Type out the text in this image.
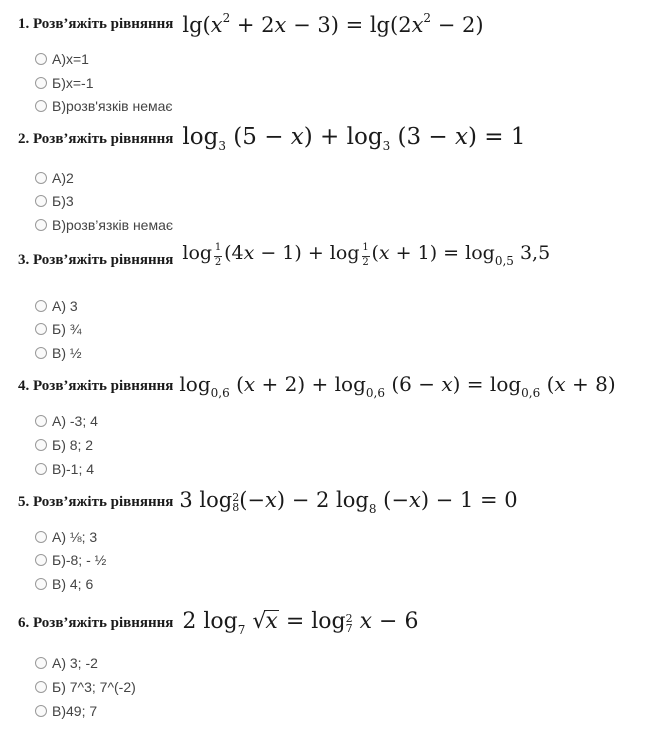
1. Розв’яжіть рівняння $\lg(x^2 + 2x - 3) = \lg(2x^2 - 2)$
А)х=1
Б)х=-1
В)розв'язків немає
2. Розв’яжіть рівняння $\log_3 (5 - x) + \log_3 (3 - x) = 1$
А)2
Б)3
В)розв’язків немає
3. Розв’яжіть рівняння $\log \frac{1}{2} (4x - 1) + \log \frac{1}{2} (x + 1) = \log_{0,5} 3,5$
А) 3
Б) ¾
В) ½
4. Розв’яжіть рівняння $\log_{0,6} (x + 2) + \log_{0,6} (6 - x) = \log_{0,6} (x + 8)$
А) -3; 4
Б) 8; 2
В)-1; 4
5. Розв’яжіть рівняння 3 log2
8(−x) − 2 $\log_8 (-x) - 1 = 0$
А) ⅛; 3
Б)-8; - ½
В) 4; 6
6. Розв’яжіть рівняння 2 $\log_7 √x = \log 2$
7 x − 6
А) 3; -2
Б) 7^3; 7^(-2)
В)49; 7
